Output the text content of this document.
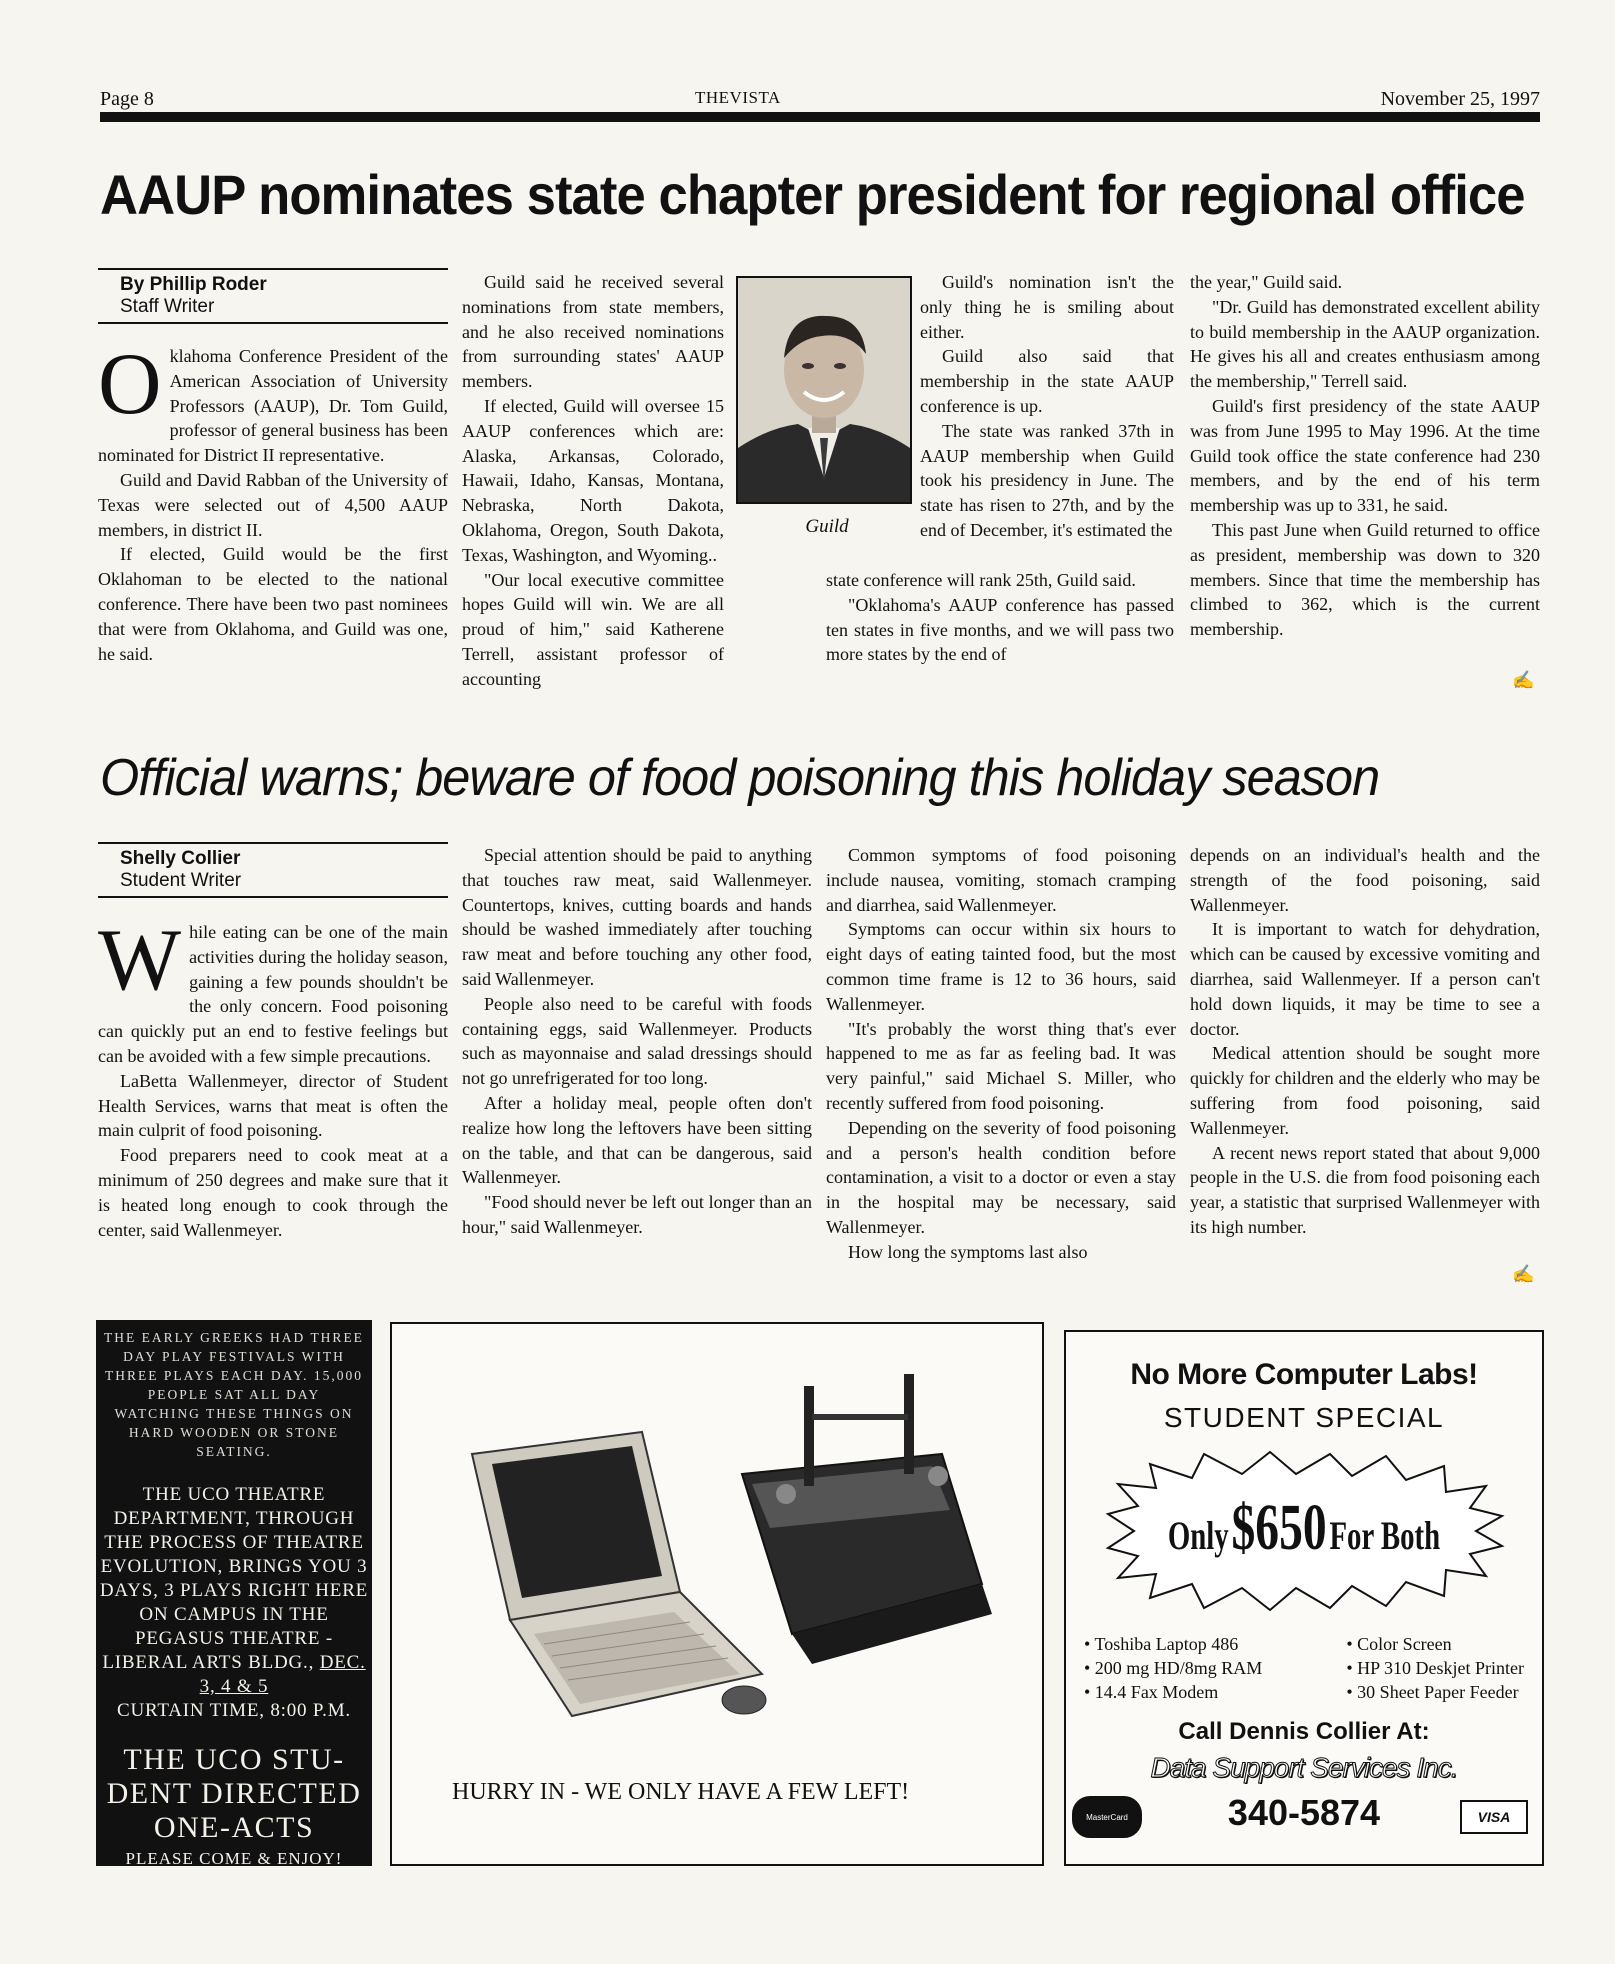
Page 8	THEVISTA	November 25, 1997
AAUP nominates state chapter president for regional office
By Phillip Roder
Staff Writer
O klahoma Conference President of the American Association of University Professors (AAUP), Dr. Tom Guild, professor of general business has been nominated for District II representative.

Guild and David Rabban of the University of Texas were selected out of 4,500 AAUP members, in district II.

If elected, Guild would be the first Oklahoman to be elected to the national conference. There have been two past nominees that were from Oklahoma, and Guild was one, he said.

Guild said he received several nominations from state members, and he also received nominations from surrounding states' AAUP members.

If elected, Guild will oversee 15 AAUP conferences which are: Alaska, Arkansas, Colorado, Hawaii, Idaho, Kansas, Montana, Nebraska, North Dakota, Oklahoma, Oregon, South Dakota, Texas, Washington, and Wyoming..

"Our local executive committee hopes Guild will win. We are all proud of him," said Katherene Terrell, assistant professor of accounting

Guild

Guild's nomination isn't the only thing he is smiling about either.

Guild also said that membership in the state AAUP conference is up.

The state was ranked 37th in AAUP membership when Guild took his presidency in June. The state has risen to 27th, and by the end of December, it's estimated the

state conference will rank 25th, Guild said.

"Oklahoma's AAUP conference has passed ten states in five months, and we will pass two more states by the end of

the year," Guild said.

"Dr. Guild has demonstrated excellent ability to build membership in the AAUP organization. He gives his all and creates enthusiasm among the membership," Terrell said.

Guild's first presidency of the state AAUP was from June 1995 to May 1996. At the time Guild took office the state conference had 230 members, and by the end of his term membership was up to 331, he said.

This past June when Guild returned to office as president, membership was down to 320 members. Since that time the membership has climbed to 362, which is the current membership.

✍
Official warns; beware of food poisoning this holiday season
Shelly Collier
Student Writer
W hile eating can be one of the main activities during the holiday season, gaining a few pounds shouldn't be the only concern. Food poisoning can quickly put an end to festive feelings but can be avoided with a few simple precautions.

LaBetta Wallenmeyer, director of Student Health Services, warns that meat is often the main culprit of food poisoning.

Food preparers need to cook meat at a minimum of 250 degrees and make sure that it is heated long enough to cook through the center, said Wallenmeyer.

Special attention should be paid to anything that touches raw meat, said Wallenmeyer. Countertops, knives, cutting boards and hands should be washed immediately after touching raw meat and before touching any other food, said Wallenmeyer.

People also need to be careful with foods containing eggs, said Wallenmeyer. Products such as mayonnaise and salad dressings should not go unrefrigerated for too long.

After a holiday meal, people often don't realize how long the leftovers have been sitting on the table, and that can be dangerous, said Wallenmeyer.

"Food should never be left out longer than an hour," said Wallenmeyer.

Common symptoms of food poisoning include nausea, vomiting, stomach cramping and diarrhea, said Wallenmeyer.

Symptoms can occur within six hours to eight days of eating tainted food, but the most common time frame is 12 to 36 hours, said Wallenmeyer.

"It's probably the worst thing that's ever happened to me as far as feeling bad. It was very painful," said Michael S. Miller, who recently suffered from food poisoning.

Depending on the severity of food poisoning and a person's health condition before contamination, a visit to a doctor or even a stay in the hospital may be necessary, said Wallenmeyer.

How long the symptoms last also

depends on an individual's health and the strength of the food poisoning, said Wallenmeyer.

It is important to watch for dehydration, which can be caused by excessive vomiting and diarrhea, said Wallenmeyer. If a person can't hold down liquids, it may be time to see a doctor.

Medical attention should be sought more quickly for children and the elderly who may be suffering from food poisoning, said Wallenmeyer.

A recent news report stated that about 9,000 people in the U.S. die from food poisoning each year, a statistic that surprised Wallenmeyer with its high number.

✍
THE EARLY GREEKS HAD THREE DAY PLAY FESTIVALS WITH THREE PLAYS EACH DAY. 15,000 PEOPLE SAT ALL DAY WATCHING THESE THINGS ON HARD WOODEN OR STONE SEATING.
THE UCO THEATRE DEPARTMENT, THROUGH THE PROCESS OF THEATRE EVOLUTION, BRINGS YOU 3 DAYS, 3 PLAYS RIGHT HERE ON CAMPUS IN THE PEGASUS THEATRE - LIBERAL ARTS BLDG., DEC. 3, 4 & 5
CURTAIN TIME, 8:00 P.M.
THE UCO STU-DENT DIRECTED ONE-ACTS
PLEASE COME & ENJOY!
HURRY IN - WE ONLY HAVE A FEW LEFT!
No More Computer Labs!
STUDENT SPECIAL
Only $650 For Both
• Toshiba Laptop 486
• 200 mg HD/8mg RAM
• 14.4 Fax Modem
• Color Screen
• HP 310 Deskjet Printer
• 30 Sheet Paper Feeder
Call Dennis Collier At:
Data Support Services Inc.
MasterCard	340-5874	VISA
